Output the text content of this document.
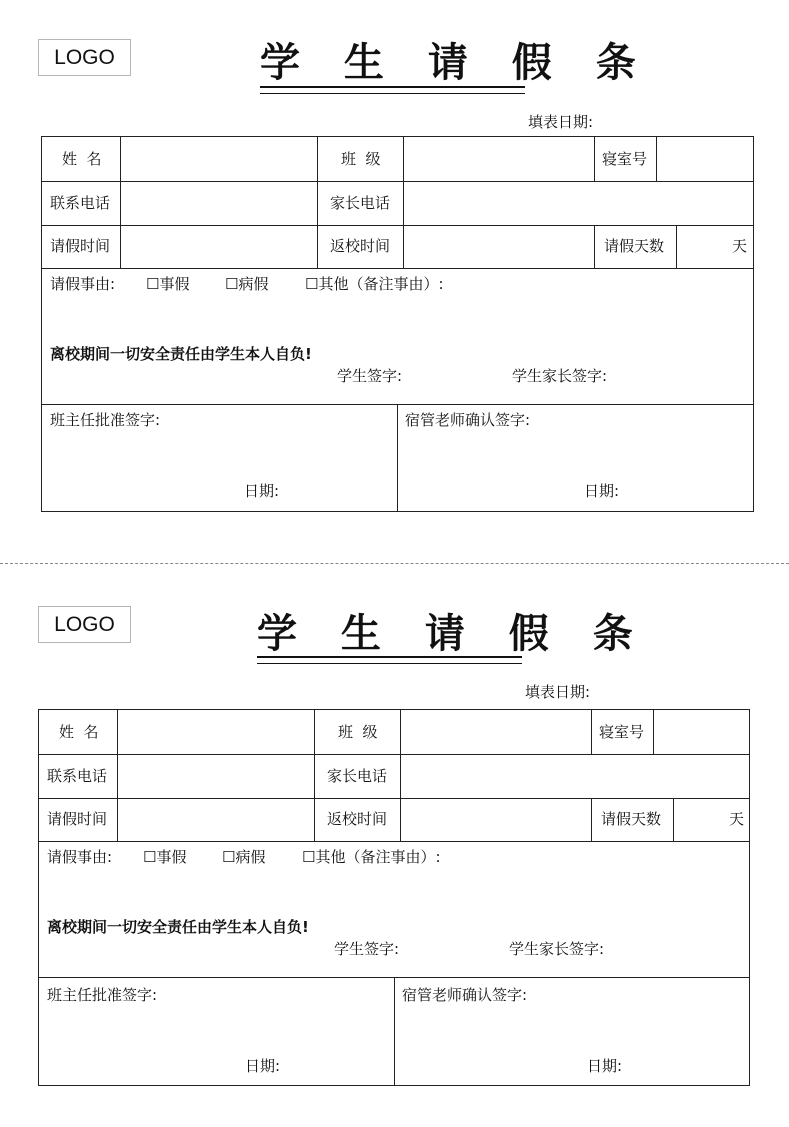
LOGO	学 生 请 假 条
填表日期:
姓  名	班  级	寝室号
联系电话	家长电话
请假时间	返校时间	请假天数	天
请假事由: ☐事假 ☐病假 ☐其他（备注事由）:
离校期间一切安全责任由学生本人自负!
学生签字:	学生家长签字:
班主任批准签字:	宿管老师确认签字:
日期:	日期:
LOGO	学 生 请 假 条
填表日期:
姓  名	班  级	寝室号
联系电话	家长电话
请假时间	返校时间	请假天数	天
请假事由: ☐事假 ☐病假 ☐其他（备注事由）:
离校期间一切安全责任由学生本人自负!
学生签字:	学生家长签字:
班主任批准签字:	宿管老师确认签字:
日期:	日期:
